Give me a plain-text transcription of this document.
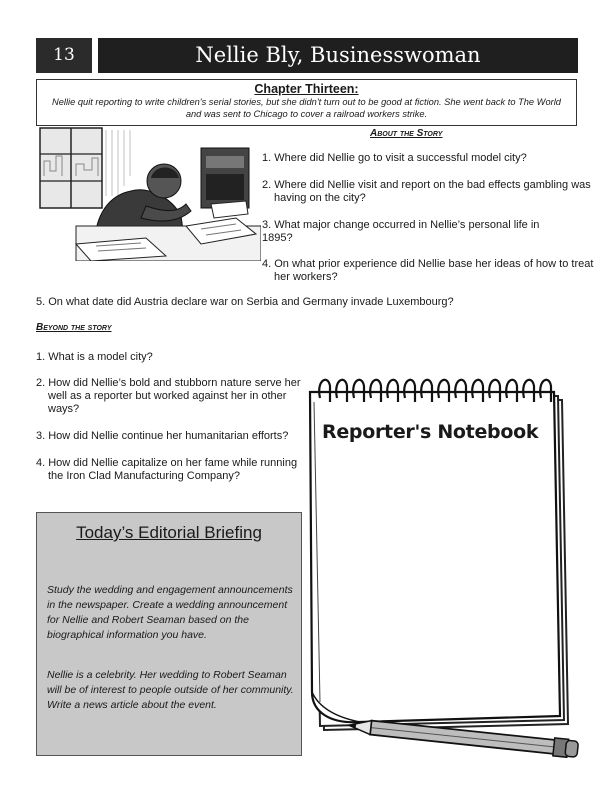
13	Nellie Bly, Businesswoman
Chapter Thirteen:
Nellie quit reporting to write children's serial stories, but she didn't turn out to be good at fiction. She went back to The World and was sent to Chicago to cover a railroad workers strike.
About the Story
1. Where did Nellie go to visit a successful model city?
2. Where did Nellie visit and report on the bad effects gambling was having on the city?
3. What major change occurred in Nellie’s personal life in 1895?
4. On what prior experience did Nellie base her ideas of how to treat her workers?
5. On what date did Austria declare war on Serbia and Germany invade Luxembourg?
Beyond the story
1. What is a model city?
2. How did Nellie’s bold and stubborn nature serve her well as a reporter but worked against her in other ways?
3. How did Nellie continue her humanitarian efforts?
4. How did Nellie capitalize on her fame while running the Iron Clad Manufacturing Company?
Today’s Editorial Briefing
Study the wedding and engagement announcements in the newspaper. Create a wedding announcement for Nellie and Robert Seaman based on the biographical information you have.
Nellie is a celebrity. Her wedding to Robert Seaman will be of interest to people outside of her community. Write a news article about the event.
Reporter's Notebook
